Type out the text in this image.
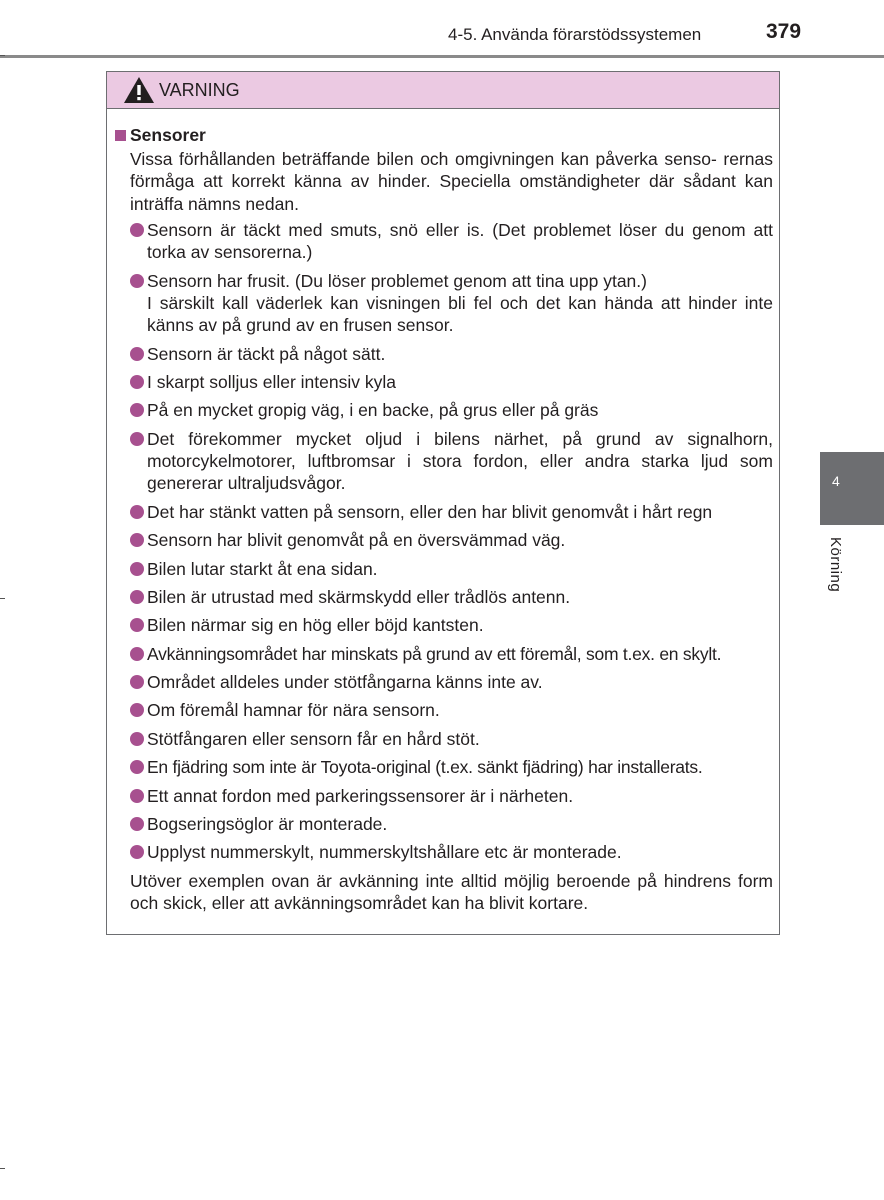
4-5. Använda förarstödssystemen	379
VARNING
Sensorer
Vissa förhållanden beträffande bilen och omgivningen kan påverka senso- rernas förmåga att korrekt känna av hinder. Speciella omständigheter där sådant kan inträffa nämns nedan.
Sensorn är täckt med smuts, snö eller is. (Det problemet löser du genom att torka av sensorerna.)
Sensorn har frusit. (Du löser problemet genom att tina upp ytan.)
I särskilt kall väderlek kan visningen bli fel och det kan hända att hinder inte känns av på grund av en frusen sensor.
Sensorn är täckt på något sätt.
I skarpt solljus eller intensiv kyla
På en mycket gropig väg, i en backe, på grus eller på gräs
Det förekommer mycket oljud i bilens närhet, på grund av signalhorn, motorcykelmotorer, luftbromsar i stora fordon, eller andra starka ljud som genererar ultraljudsvågor.
Det har stänkt vatten på sensorn, eller den har blivit genomvåt i hårt regn
Sensorn har blivit genomvåt på en översvämmad väg.
Bilen lutar starkt åt ena sidan.
Bilen är utrustad med skärmskydd eller trådlös antenn.
Bilen närmar sig en hög eller böjd kantsten.
Avkänningsområdet har minskats på grund av ett föremål, som t.ex. en skylt.
Området alldeles under stötfångarna känns inte av.
Om föremål hamnar för nära sensorn.
Stötfångaren eller sensorn får en hård stöt.
En fjädring som inte är Toyota-original (t.ex. sänkt fjädring) har installerats.
Ett annat fordon med parkeringssensorer är i närheten.
Bogseringsöglor är monterade.
Upplyst nummerskylt, nummerskyltshållare etc är monterade.
Utöver exemplen ovan är avkänning inte alltid möjlig beroende på hindrens form och skick, eller att avkänningsområdet kan ha blivit kortare.
4
Körning
